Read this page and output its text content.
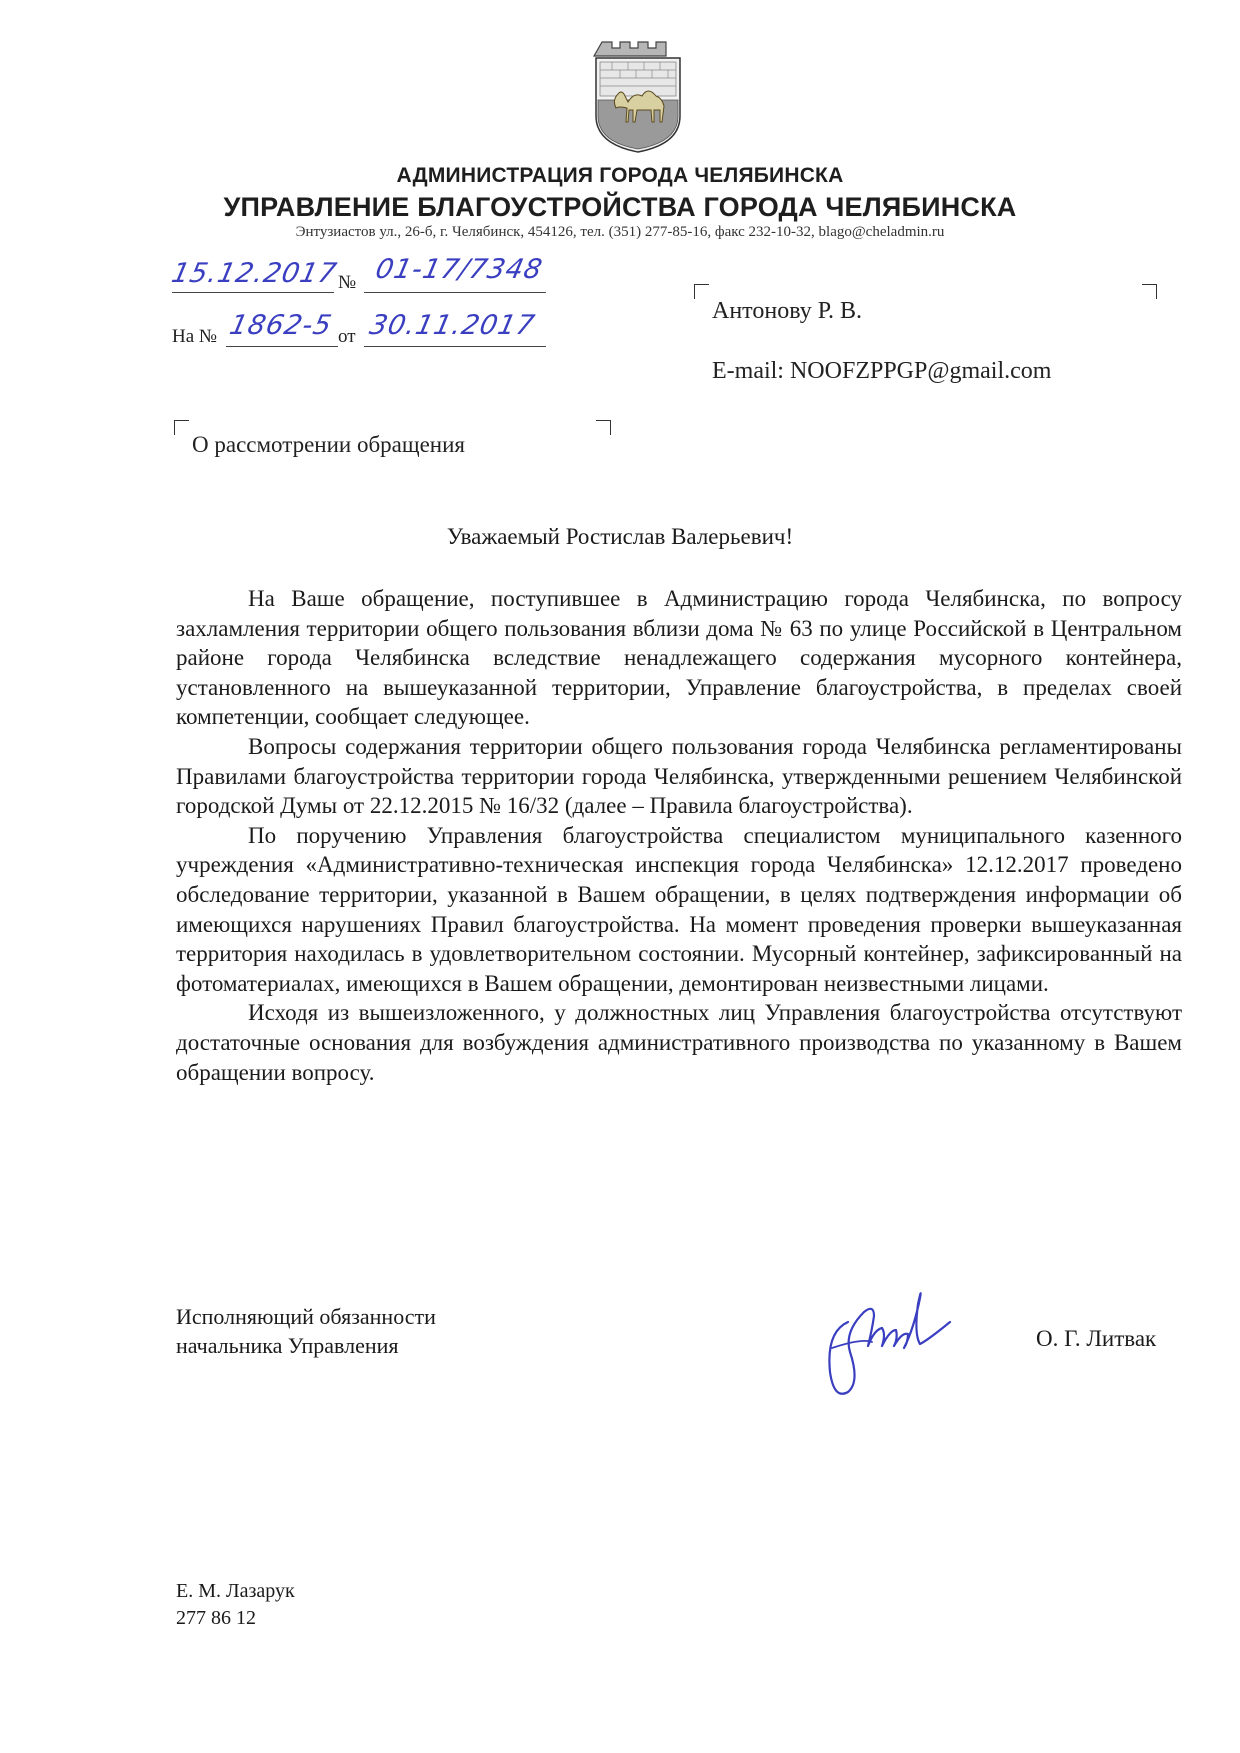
АДМИНИСТРАЦИЯ ГОРОДА ЧЕЛЯБИНСКА
УПРАВЛЕНИЕ БЛАГОУСТРОЙСТВА ГОРОДА ЧЕЛЯБИНСКА
Энтузиастов ул., 26-б, г. Челябинск, 454126, тел. (351) 277-85-16, факс 232-10-32, blago@cheladmin.ru
15.12.2017
№ 01-17/7348
На № 1862-5 от 30.11.2017	Антонову Р. В.
E-mail: NOOFZPPGP@gmail.com
О рассмотрении обращения
Уважаемый Ростислав Валерьевич!

На Ваше обращение, поступившее в Администрацию города Челябинска, по вопросу захламления территории общего пользования вблизи дома № 63 по улице Российской в Центральном районе города Челябинска вследствие ненадлежащего содержания мусорного контейнера, установленного на вышеуказанной территории, Управление благоустройства, в пределах своей компетенции, сообщает следующее.

Вопросы содержания территории общего пользования города Челябинска регламентированы Правилами благоустройства территории города Челябинска, утвержденными решением Челябинской городской Думы от 22.12.2015 № 16/32 (далее – Правила благоустройства).

По поручению Управления благоустройства специалистом муниципального казенного учреждения «Административно-техническая инспекция города Челябинска» 12.12.2017 проведено обследование территории, указанной в Вашем обращении, в целях подтверждения информации об имеющихся нарушениях Правил благоустройства. На момент проведения проверки вышеуказанная территория находилась в удовлетворительном состоянии. Мусорный контейнер, зафиксированный на фотоматериалах, имеющихся в Вашем обращении, демонтирован неизвестными лицами.

Исходя из вышеизложенного, у должностных лиц Управления благоустройства отсутствуют достаточные основания для возбуждения административного производства по указанному в Вашем обращении вопросу.

Исполняющий обязанности
начальника Управления	О. Г. Литвак
Е. М. Лазарук
277 86 12
